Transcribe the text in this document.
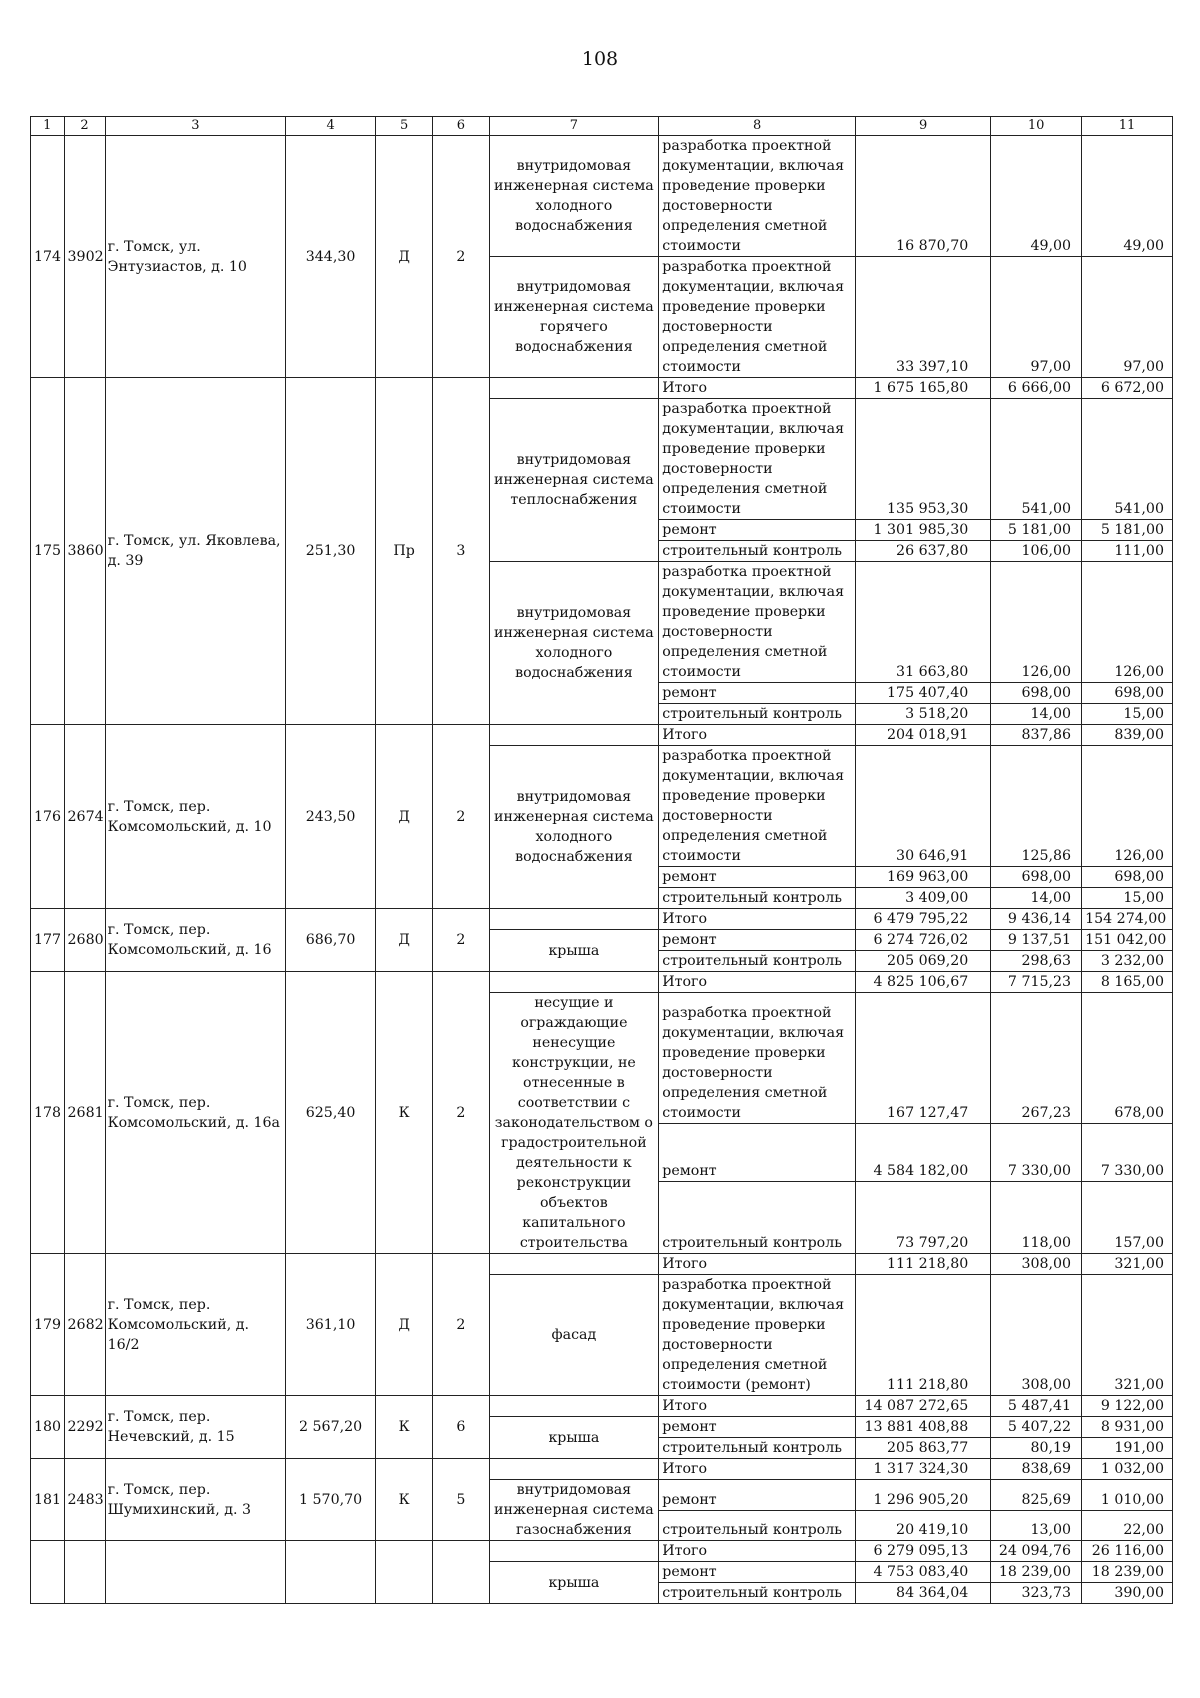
108
1	2	3	4	5	6	7	8	9	10	11
174	3902	г. Томск, ул. Энтузиастов, д. 10	344,30	Д	2	внутридомовая инженерная система холодного водоснабжения	разработка проектной документации, включая проведение проверки достоверности определения сметной стоимости	16 870,70	49,00	49,00
						внутридомовая инженерная система горячего водоснабжения	разработка проектной документации, включая проведение проверки достоверности определения сметной стоимости	33 397,10	97,00	97,00
175	3860	г. Томск, ул. Яковлева, д. 39	251,30	Пр	3		Итого	1 675 165,80	6 666,00	6 672,00
						внутридомовая инженерная система теплоснабжения	разработка проектной документации, включая проведение проверки достоверности определения сметной стоимости	135 953,30	541,00	541,00
							ремонт	1 301 985,30	5 181,00	5 181,00
							строительный контроль	26 637,80	106,00	111,00
						внутридомовая инженерная система холодного водоснабжения	разработка проектной документации, включая проведение проверки достоверности определения сметной стоимости	31 663,80	126,00	126,00
							ремонт	175 407,40	698,00	698,00
							строительный контроль	3 518,20	14,00	15,00
176	2674	г. Томск, пер. Комсомольский, д. 10	243,50	Д	2		Итого	204 018,91	837,86	839,00
						внутридомовая инженерная система холодного водоснабжения	разработка проектной документации, включая проведение проверки достоверности определения сметной стоимости	30 646,91	125,86	126,00
							ремонт	169 963,00	698,00	698,00
							строительный контроль	3 409,00	14,00	15,00
177	2680	г. Томск, пер. Комсомольский, д. 16	686,70	Д	2		Итого	6 479 795,22	9 436,14	154 274,00
						крыша	ремонт	6 274 726,02	9 137,51	151 042,00
							строительный контроль	205 069,20	298,63	3 232,00
178	2681	г. Томск, пер. Комсомольский, д. 16а	625,40	К	2		Итого	4 825 106,67	7 715,23	8 165,00
						несущие и ограждающие ненесущие конструкции, не отнесенные в соответствии с законодательством о градостроительной деятельности к реконструкции объектов капитального строительства	разработка проектной документации, включая проведение проверки достоверности определения сметной стоимости	167 127,47	267,23	678,00
							ремонт	4 584 182,00	7 330,00	7 330,00
							строительный контроль	73 797,20	118,00	157,00
179	2682	г. Томск, пер. Комсомольский, д. 16/2	361,10	Д	2		Итого	111 218,80	308,00	321,00
						фасад	разработка проектной документации, включая проведение проверки достоверности определения сметной стоимости (ремонт)	111 218,80	308,00	321,00
180	2292	г. Томск, пер. Нечевский, д. 15	2 567,20	К	6		Итого	14 087 272,65	5 487,41	9 122,00
						крыша	ремонт	13 881 408,88	5 407,22	8 931,00
							строительный контроль	205 863,77	80,19	191,00
181	2483	г. Томск, пер. Шумихинский, д. 3	1 570,70	К	5		Итого	1 317 324,30	838,69	1 032,00
						внутридомовая инженерная система газоснабжения	ремонт	1 296 905,20	825,69	1 010,00
							строительный контроль	20 419,10	13,00	22,00
							Итого	6 279 095,13	24 094,76	26 116,00
						крыша	ремонт	4 753 083,40	18 239,00	18 239,00
							строительный контроль	84 364,04	323,73	390,00
